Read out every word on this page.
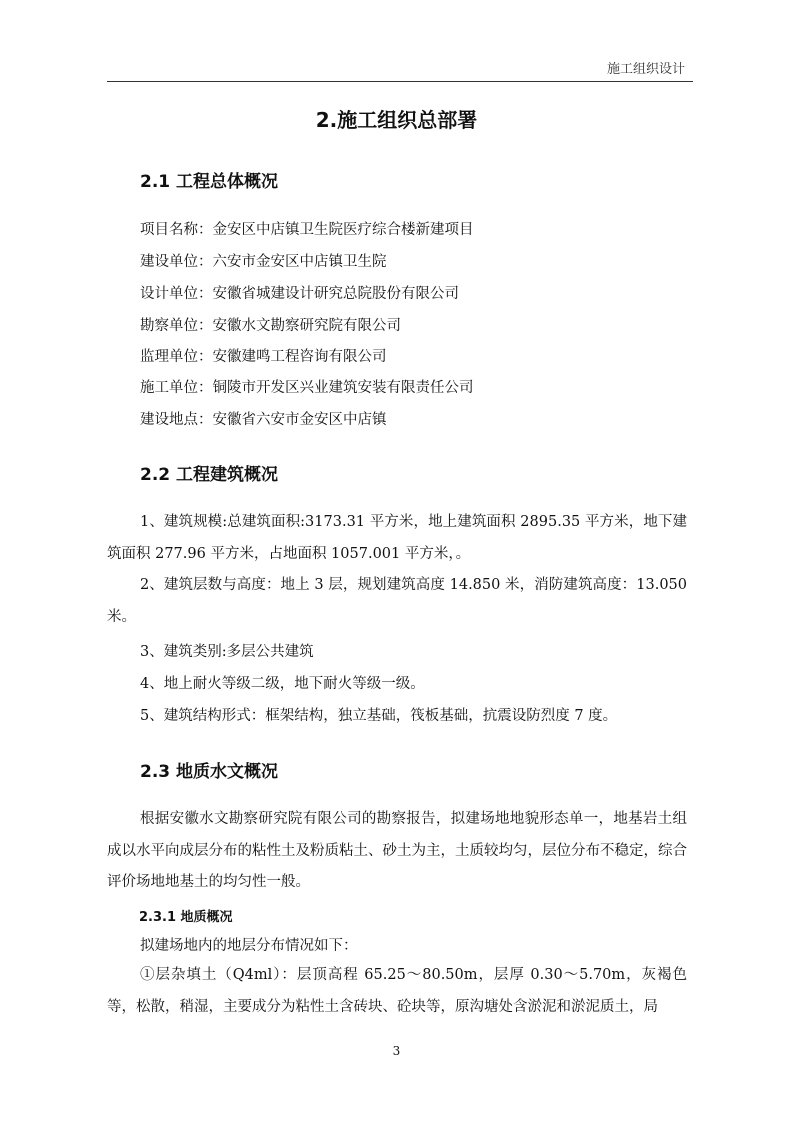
施工组织设计
2.施工组织总部署
2.1 工程总体概况
项目名称：金安区中店镇卫生院医疗综合楼新建项目
建设单位：六安市金安区中店镇卫生院
设计单位：安徽省城建设计研究总院股份有限公司
勘察单位：安徽水文勘察研究院有限公司
监理单位：安徽建鸣工程咨询有限公司
施工单位：铜陵市开发区兴业建筑安装有限责任公司
建设地点：安徽省六安市金安区中店镇
2.2 工程建筑概况
1、建筑规模:总建筑面积:3173.31 平方米，地上建筑面积 2895.35 平方米，地下建筑面积 277.96 平方米，占地面积 1057.001 平方米，。
2、建筑层数与高度：地上 3 层，规划建筑高度 14.850 米，消防建筑高度：13.050 米。
3、建筑类别:多层公共建筑
4、地上耐火等级二级，地下耐火等级一级。
5、建筑结构形式：框架结构，独立基础，筏板基础，抗震设防烈度 7 度。
2.3 地质水文概况
根据安徽水文勘察研究院有限公司的勘察报告，拟建场地地貌形态单一，地基岩土组成以水平向成层分布的粘性土及粉质粘土、砂土为主，土质较均匀，层位分布不稳定，综合评价场地地基土的均匀性一般。
2.3.1 地质概况
拟建场地内的地层分布情况如下：
①层杂填土（Q4ml）：层顶高程 65.25～80.50m，层厚 0.30～5.70m，灰褐色等，松散，稍湿，主要成分为粘性土含砖块、砼块等，原沟塘处含淤泥和淤泥质土，局
3
